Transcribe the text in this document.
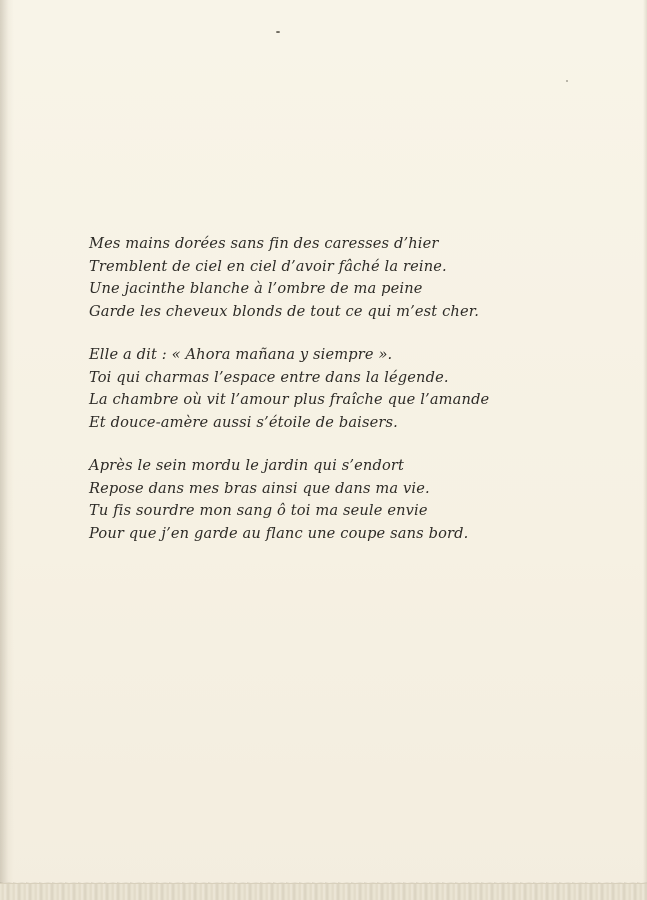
Mes mains dorées sans fin des caresses d’hier
Tremblent de ciel en ciel d’avoir fâché la reine.
Une jacinthe blanche à l’ombre de ma peine
Garde les cheveux blonds de tout ce qui m’est cher.
Elle a dit : « Ahora mañana y siempre ».
Toi qui charmas l’espace entre dans la légende.
La chambre où vit l’amour plus fraîche que l’amande
Et douce-amère aussi s’étoile de baisers.
Après le sein mordu le jardin qui s’endort
Repose dans mes bras ainsi que dans ma vie.
Tu fis sourdre mon sang ô toi ma seule envie
Pour que j’en garde au flanc une coupe sans bord.
